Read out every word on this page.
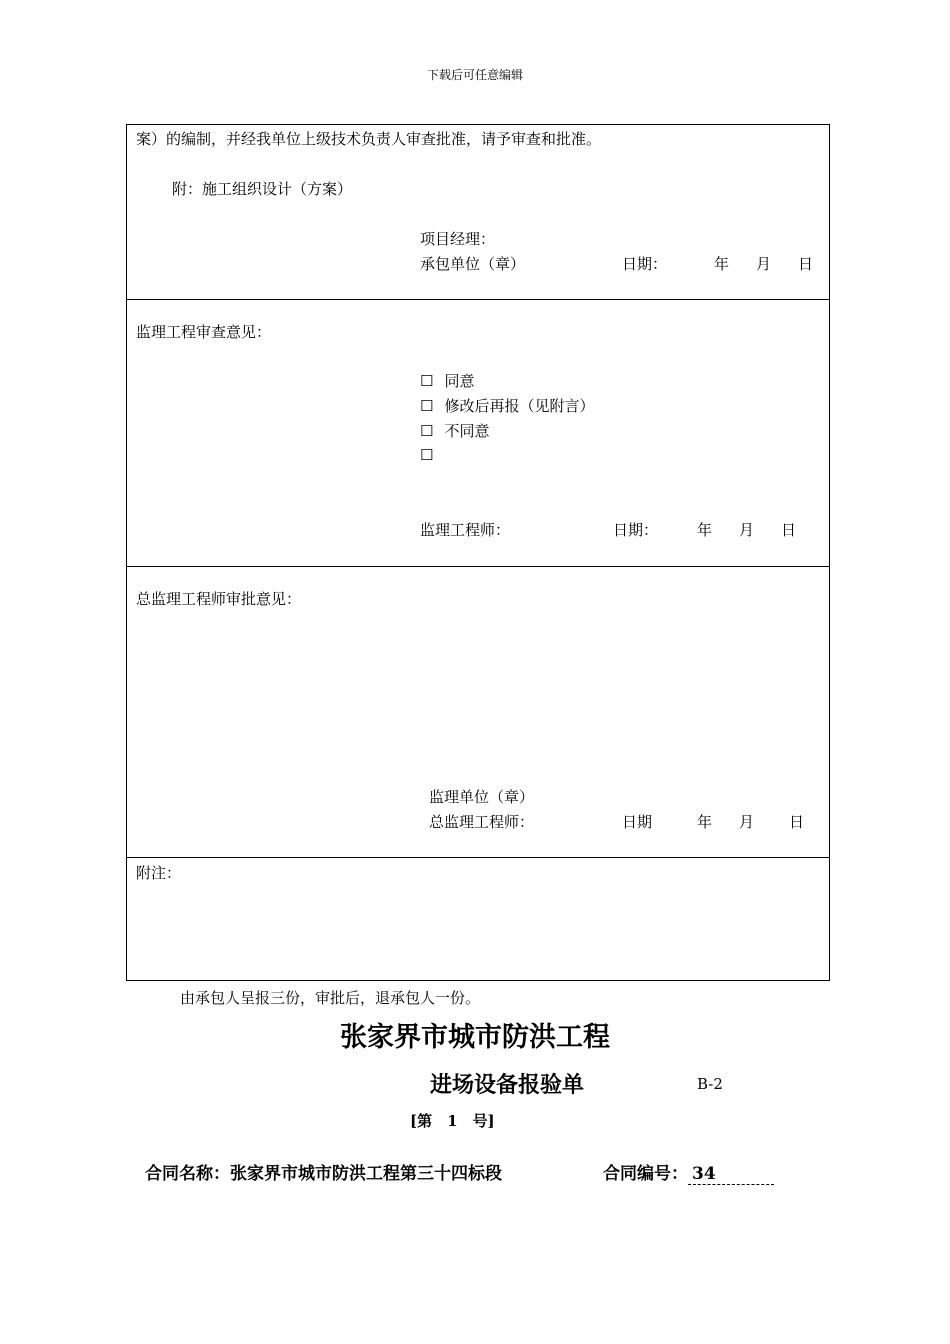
下载后可任意编辑
案）的编制，并经我单位上级技术负责人审查批准，请予审查和批准。
附：施工组织设计（方案）
项目经理：
承包单位（章）	日期：	年 月 日
监理工程审查意见：
☐ 同意
☐ 修改后再报（见附言）
☐ 不同意
☐
监理工程师：	日期：	年 月 日
总监理工程师审批意见：
监理单位（章）
总监理工程师：	日期	年 月 日
附注：
由承包人呈报三份，审批后，退承包人一份。
张家界市城市防洪工程
进场设备报验单	B-2
[第　1　号]
合同名称：张家界市城市防洪工程第三十四标段	合同编号： 34
